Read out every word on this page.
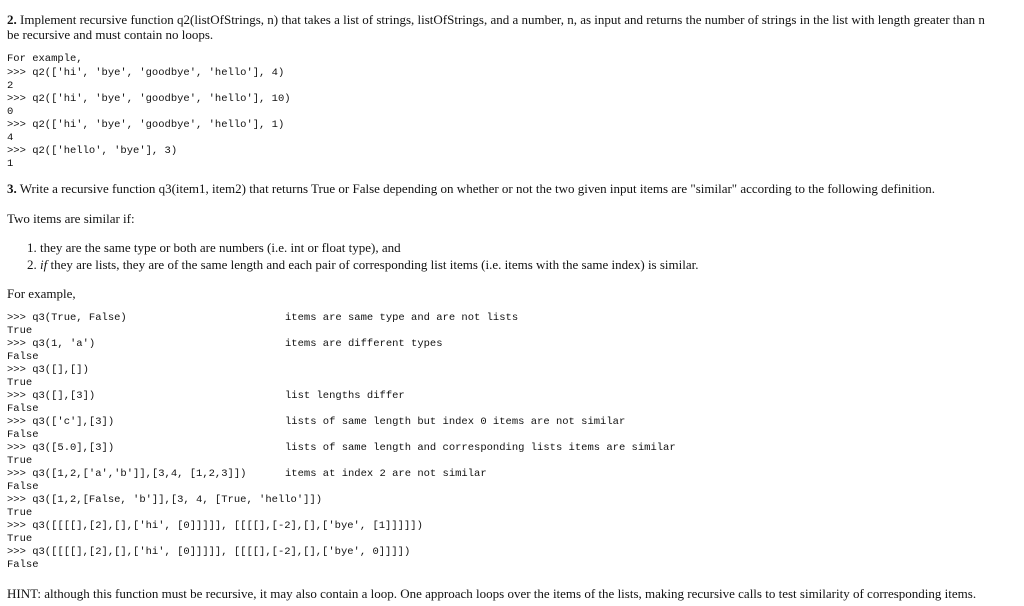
2. Implement recursive function q2(listOfStrings, n) that takes a list of strings, listOfStrings, and a number, n, as input and returns the number of strings in the list with length greater than n
be recursive and must contain no loops.
For example,
>>> q2(['hi', 'bye', 'goodbye', 'hello'], 4)
2
>>> q2(['hi', 'bye', 'goodbye', 'hello'], 10)
0
>>> q2(['hi', 'bye', 'goodbye', 'hello'], 1)
4
>>> q2(['hello', 'bye'], 3)
1
3. Write a recursive function q3(item1, item2) that returns True or False depending on whether or not the two given input items are "similar" according to the following definition.
Two items are similar if:
1. they are the same type or both are numbers (i.e. int or float type), and
2. if they are lists, they are of the same length and each pair of corresponding list items (i.e. items with the same index) is similar.
For example,
>>> q3(True, False)	items are same type and are not lists
True
>>> q3(1, 'a')	items are different types
False
>>> q3([],[])
True
>>> q3([],[3])	list lengths differ
False
>>> q3(['c'],[3])	lists of same length but index 0 items are not similar
False
>>> q3([5.0],[3])	lists of same length and corresponding lists items are similar
True
>>> q3([1,2,['a','b']],[3,4, [1,2,3]])	items at index 2 are not similar
False
>>> q3([1,2,[False, 'b']],[3, 4, [True, 'hello']])
True
>>> q3([[[[],[2],[],['hi', [0]]]]], [[[[],[-2],[],['bye', [1]]]]])
True
>>> q3([[[[],[2],[],['hi', [0]]]]], [[[[],[-2],[],['bye', 0]]]])
False
HINT: although this function must be recursive, it may also contain a loop. One approach loops over the items of the lists, making recursive calls to test similarity of corresponding items.
